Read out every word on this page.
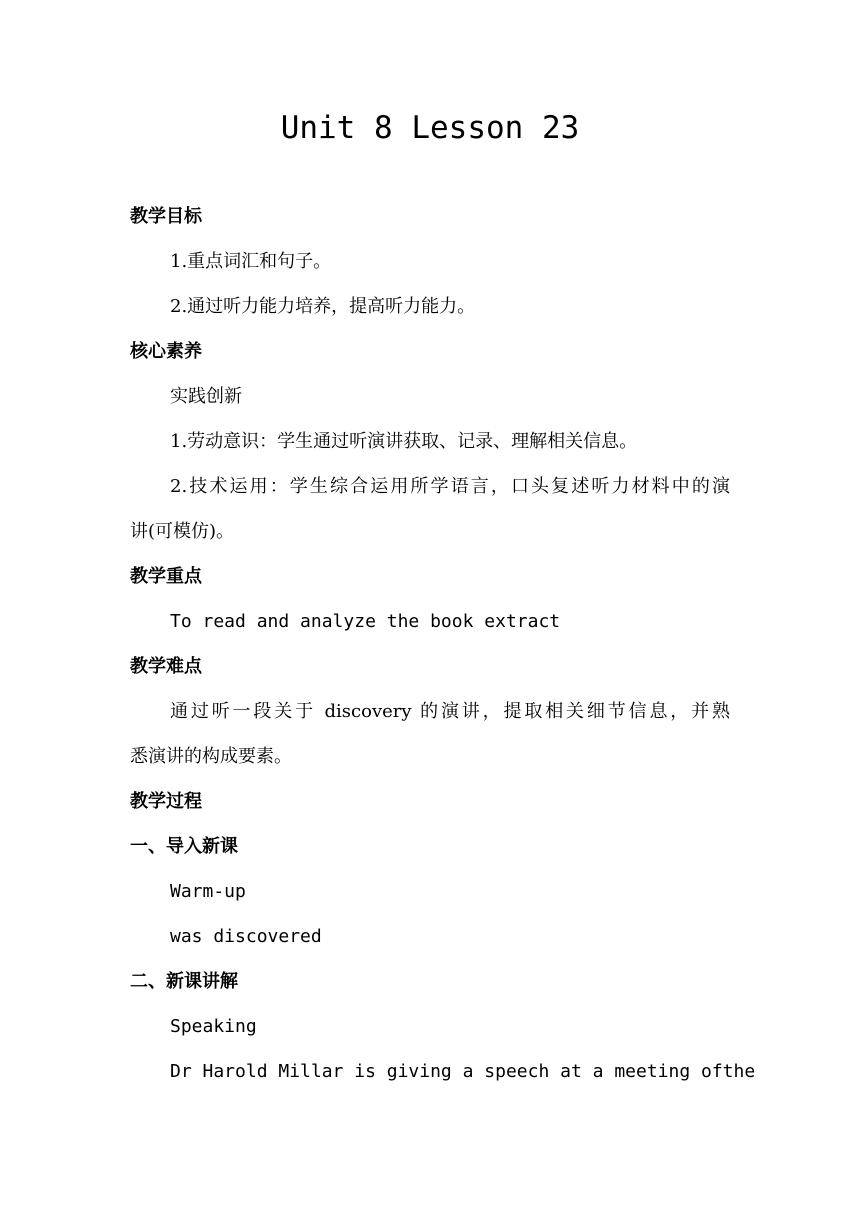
Unit 8 Lesson 23
教学目标
1.重点词汇和句子。
2.通过听力能力培养，提高听力能力。
核心素养
实践创新
1.劳动意识：学生通过听演讲获取、记录、理解相关信息。
2.技术运用：学生综合运用所学语言，口头复述听力材料中的演
讲(可模仿)。
教学重点
To read and analyze the book extract
教学难点
通过听一段关于 discovery 的演讲，提取相关细节信息，并熟
悉演讲的构成要素。
教学过程
一、导入新课
Warm-up
was discovered
二、新课讲解
Speaking
Dr Harold Millar is giving a speech at a meeting ofthe
